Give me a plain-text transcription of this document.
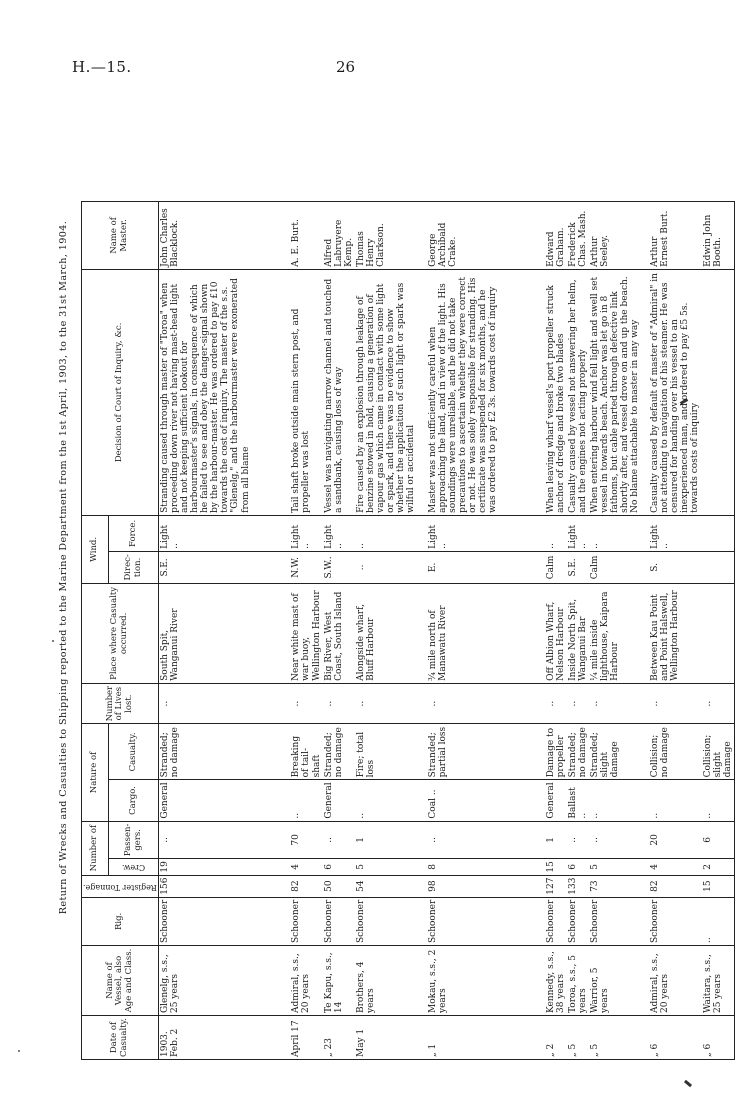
H.—15.	26
Return of Wrecks and Casualties to Shipping reported to the Marine Department from the 1st April, 1903, to the 31st March, 1904.
Date of Casualty.	Name of Vessel, also Age and Class.	Rig.	Register Tonnage.	Number of		Nature of		Number of Lives lost.	Place where Casualty occurred.	Wind.		Decision of Court of Inquiry, &c.	Name of Master.

				Crew.	Passen-gers.	Cargo.	Casualty.			Direc-tion.	Force.		
1903. Feb. 2	Glenelg, s.s., 25 years	Schooner	156	19	..	General	Stranded; no damage	..	South Spit, Wanganui River	S.E.	Light ..	Stranding caused through master of "Toroa" when proceeding down river not having mast-head light and not keeping sufficient lookout for harbourmaster's signals, in consequence of which he failed to see and obey the danger-signal shown by the harbour-master. He was ordered to pay £10 towards the cost of inquiry. The master of the s.s. "Glenelg," and the harbourmaster were exonerated from all blame	John Charles Blacklock.
April 17	Admiral, s.s., 20 years	Schooner	82	4	70	..	Breaking of tail-shaft	..	Near white mast of war buoy, Wellington Harbour	N.W.	Light ..	Tail shaft broke outside main stern post, and propeller was lost	A. E. Burt.
„ 23	Te Kapu, s.s., 14	Schooner	50	6	..	General	Stranded; no damage	..	Big River, West Coast, South Island	S.W..	Light ..	Vessel was navigating narrow channel and touched a sandbank, causing loss of way	Alfred Labruyere Kemp.
May 1	Brothers, 4 years	Schooner	54	5	1	..	Fire; total loss	..	Alongside wharf, Bluff Harbour	..	..	Fire caused by an explosion through leakage of benzine stowed in hold, causing a generation of vapour gas which came in contact with some light or spark, and there was no evidence to show whether the application of such light or spark was wilful or accidental	Thomas Henry Clarkson.
„ 1	Mokau, s.s., 2 years	Schooner	98	8	..	Coal ..	Stranded; partial loss	..	¾ mile north of Manawatu River	E.	Light ..	Master was not sufficiently careful when approaching the land, and in view of the light. His soundings were unreliable, and he did not take precautions to ascertain whether they were correct or not. He was solely responsible for stranding. His certificate was suspended for six months, and he was ordered to pay £2 3s. towards cost of inquiry	George Archibald Crake.
„ 2	Kennedy, s.s., 38 years	Schooner	127	15	1	General	Damage to propeller	..	Off Albion Wharf, Nelson Harbour	Calm	..	When leaving wharf vessel's port propeller struck anchor of dredge and broke two blades	Edward Graham.
„ 5	Toroa, s.s., 5 years	Schooner	133	6	..	Ballast ..	Stranded; no damage	..	Inside North Spit, Wanganui Bar	S.E.	Light ..	Casualty caused by vessel not answering her helm, and the engines not acting properly	Frederick Chas. Mash.
„ 5	Warrior, 5 years	Schooner	73	5	..	..	Stranded; slight damage	..	¼ mile inside lighthouse, Kaipara Harbour	Calm	..	When entering harbour wind fell light and swell set vessel in towards beach. Anchor was let go in 8 fathoms, but cable parted through defective link shortly after, and vessel drove on and up the beach. No blame attachable to master in any way	Arthur Seeley.
„ 6	Admiral, s.s., 20 years	Schooner	82	4	20	..	Collision; no damage	..	Between Kau Point and Point Halswell, Wellington Harbour	S.	Light ..	Casualty caused by default of master of "Admiral" in not attending to navigation of his steamer. He was censured for handing over his vessel to an inexperienced man, and ordered to pay £5 5s. towards costs of inquiry	Arthur Ernest Burt.
„ 6	Waitara, s.s., 25 years	..	15	2	6	..	Collision; slight damage	..					Edwin John Booth.
